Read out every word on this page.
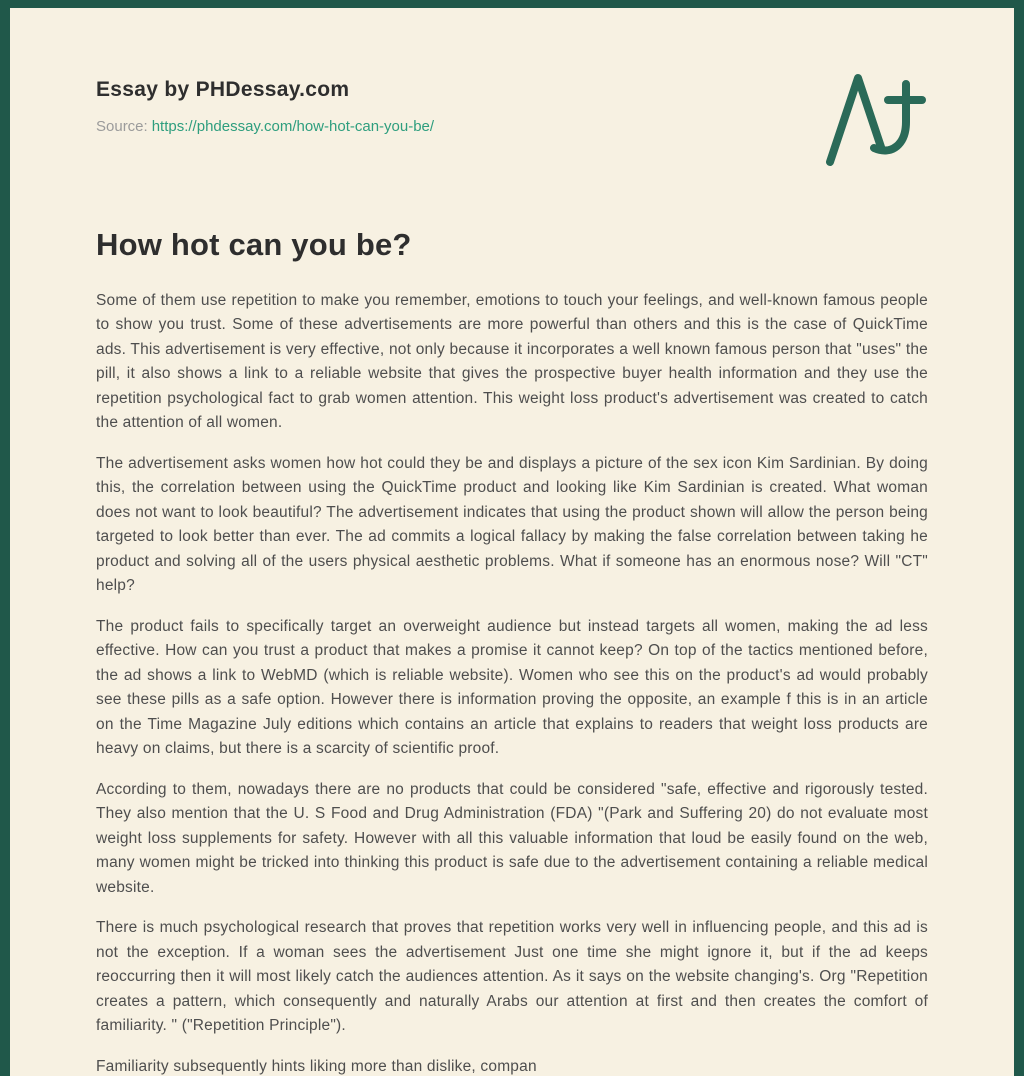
Essay by PHDessay.com
Source: https://phdessay.com/how-hot-can-you-be/
How hot can you be?

Some of them use repetition to make you remember, emotions to touch your feelings, and well-known famous people to show you trust. Some of these advertisements are more powerful than others and this is the case of QuickTime ads. This advertisement is very effective, not only because it incorporates a well known famous person that "uses" the pill, it also shows a link to a reliable website that gives the prospective buyer health information and they use the repetition psychological fact to grab women attention. This weight loss product's advertisement was created to catch the attention of all women.

The advertisement asks women how hot could they be and displays a picture of the sex icon Kim Sardinian. By doing this, the correlation between using the QuickTime product and looking like Kim Sardinian is created. What woman does not want to look beautiful? The advertisement indicates that using the product shown will allow the person being targeted to look better than ever. The ad commits a logical fallacy by making the false correlation between taking he product and solving all of the users physical aesthetic problems. What if someone has an enormous nose? Will "CT" help?

The product fails to specifically target an overweight audience but instead targets all women, making the ad less effective. How can you trust a product that makes a promise it cannot keep? On top of the tactics mentioned before, the ad shows a link to WebMD (which is reliable website). Women who see this on the product's ad would probably see these pills as a safe option. However there is information proving the opposite, an example f this is in an article on the Time Magazine July editions which contains an article that explains to readers that weight loss products are heavy on claims, but there is a scarcity of scientific proof.

According to them, nowadays there are no products that could be considered "safe, effective and rigorously tested. They also mention that the U. S Food and Drug Administration (FDA) "(Park and Suffering 20) do not evaluate most weight loss supplements for safety. However with all this valuable information that loud be easily found on the web, many women might be tricked into thinking this product is safe due to the advertisement containing a reliable medical website.

There is much psychological research that proves that repetition works very well in influencing people, and this ad is not the exception. If a woman sees the advertisement Just one time she might ignore it, but if the ad keeps reoccurring then it will most likely catch the audiences attention. As it says on the website changing's. Org "Repetition creates a pattern, which consequently and naturally Arabs our attention at first and then creates the comfort of familiarity. " ("Repetition Principle").

Familiarity subsequently hints liking more than dislike, compan
